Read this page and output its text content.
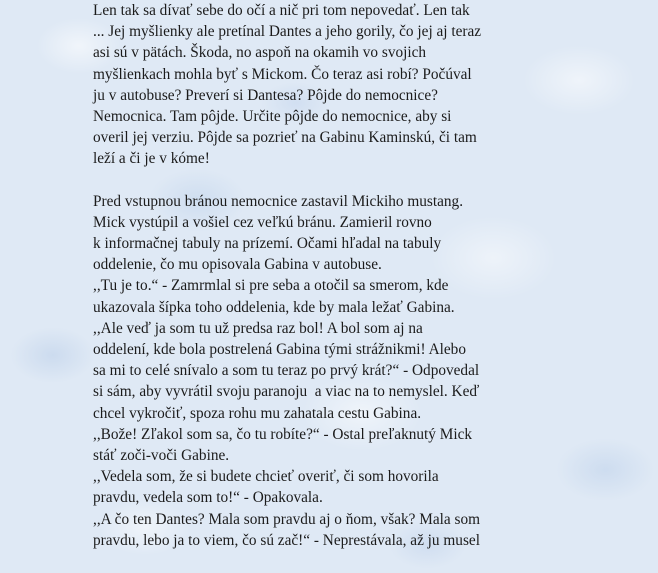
Len tak sa dívať sebe do očí a nič pri tom nepovedať. Len tak
... Jej myšlienky ale pretínal Dantes a jeho gorily, čo jej aj teraz
asi sú v pätách. Škoda, no aspoň na okamih vo svojich
myšlienkach mohla byť s Mickom. Čo teraz asi robí? Počúval
ju v autobuse? Preverí si Dantesa? Pôjde do nemocnice?
Nemocnica. Tam pôjde. Určite pôjde do nemocnice, aby si
overil jej verziu. Pôjde sa pozrieť na Gabinu Kaminskú, či tam
leží a či je v kóme!
Pred vstupnou bránou nemocnice zastavil Mickiho mustang.
Mick vystúpil a vošiel cez veľkú bránu. Zamieril rovno
k informačnej tabuly na prízemí. Očami hľadal na tabuly
oddelenie, čo mu opisovala Gabina v autobuse.
,,Tu je to.“ - Zamrmlal si pre seba a otočil sa smerom, kde
ukazovala šípka toho oddelenia, kde by mala ležať Gabina.
,,Ale veď ja som tu už predsa raz bol! A bol som aj na
oddelení, kde bola postrelená Gabina tými strážnikmi! Alebo
sa mi to celé snívalo a som tu teraz po prvý krát?“ - Odpovedal
si sám, aby vyvrátil svoju paranoju  a viac na to nemyslel. Keď
chcel vykročiť, spoza rohu mu zahatala cestu Gabina.
,,Bože! Zľakol som sa, čo tu robíte?“ - Ostal preľaknutý Mick
stáť zoči-voči Gabine.
,,Vedela som, že si budete chcieť overiť, či som hovorila
pravdu, vedela som to!“ - Opakovala.
,,A čo ten Dantes? Mala som pravdu aj o ňom, však? Mala som
pravdu, lebo ja to viem, čo sú zač!“ - Neprestávala, až ju musel
